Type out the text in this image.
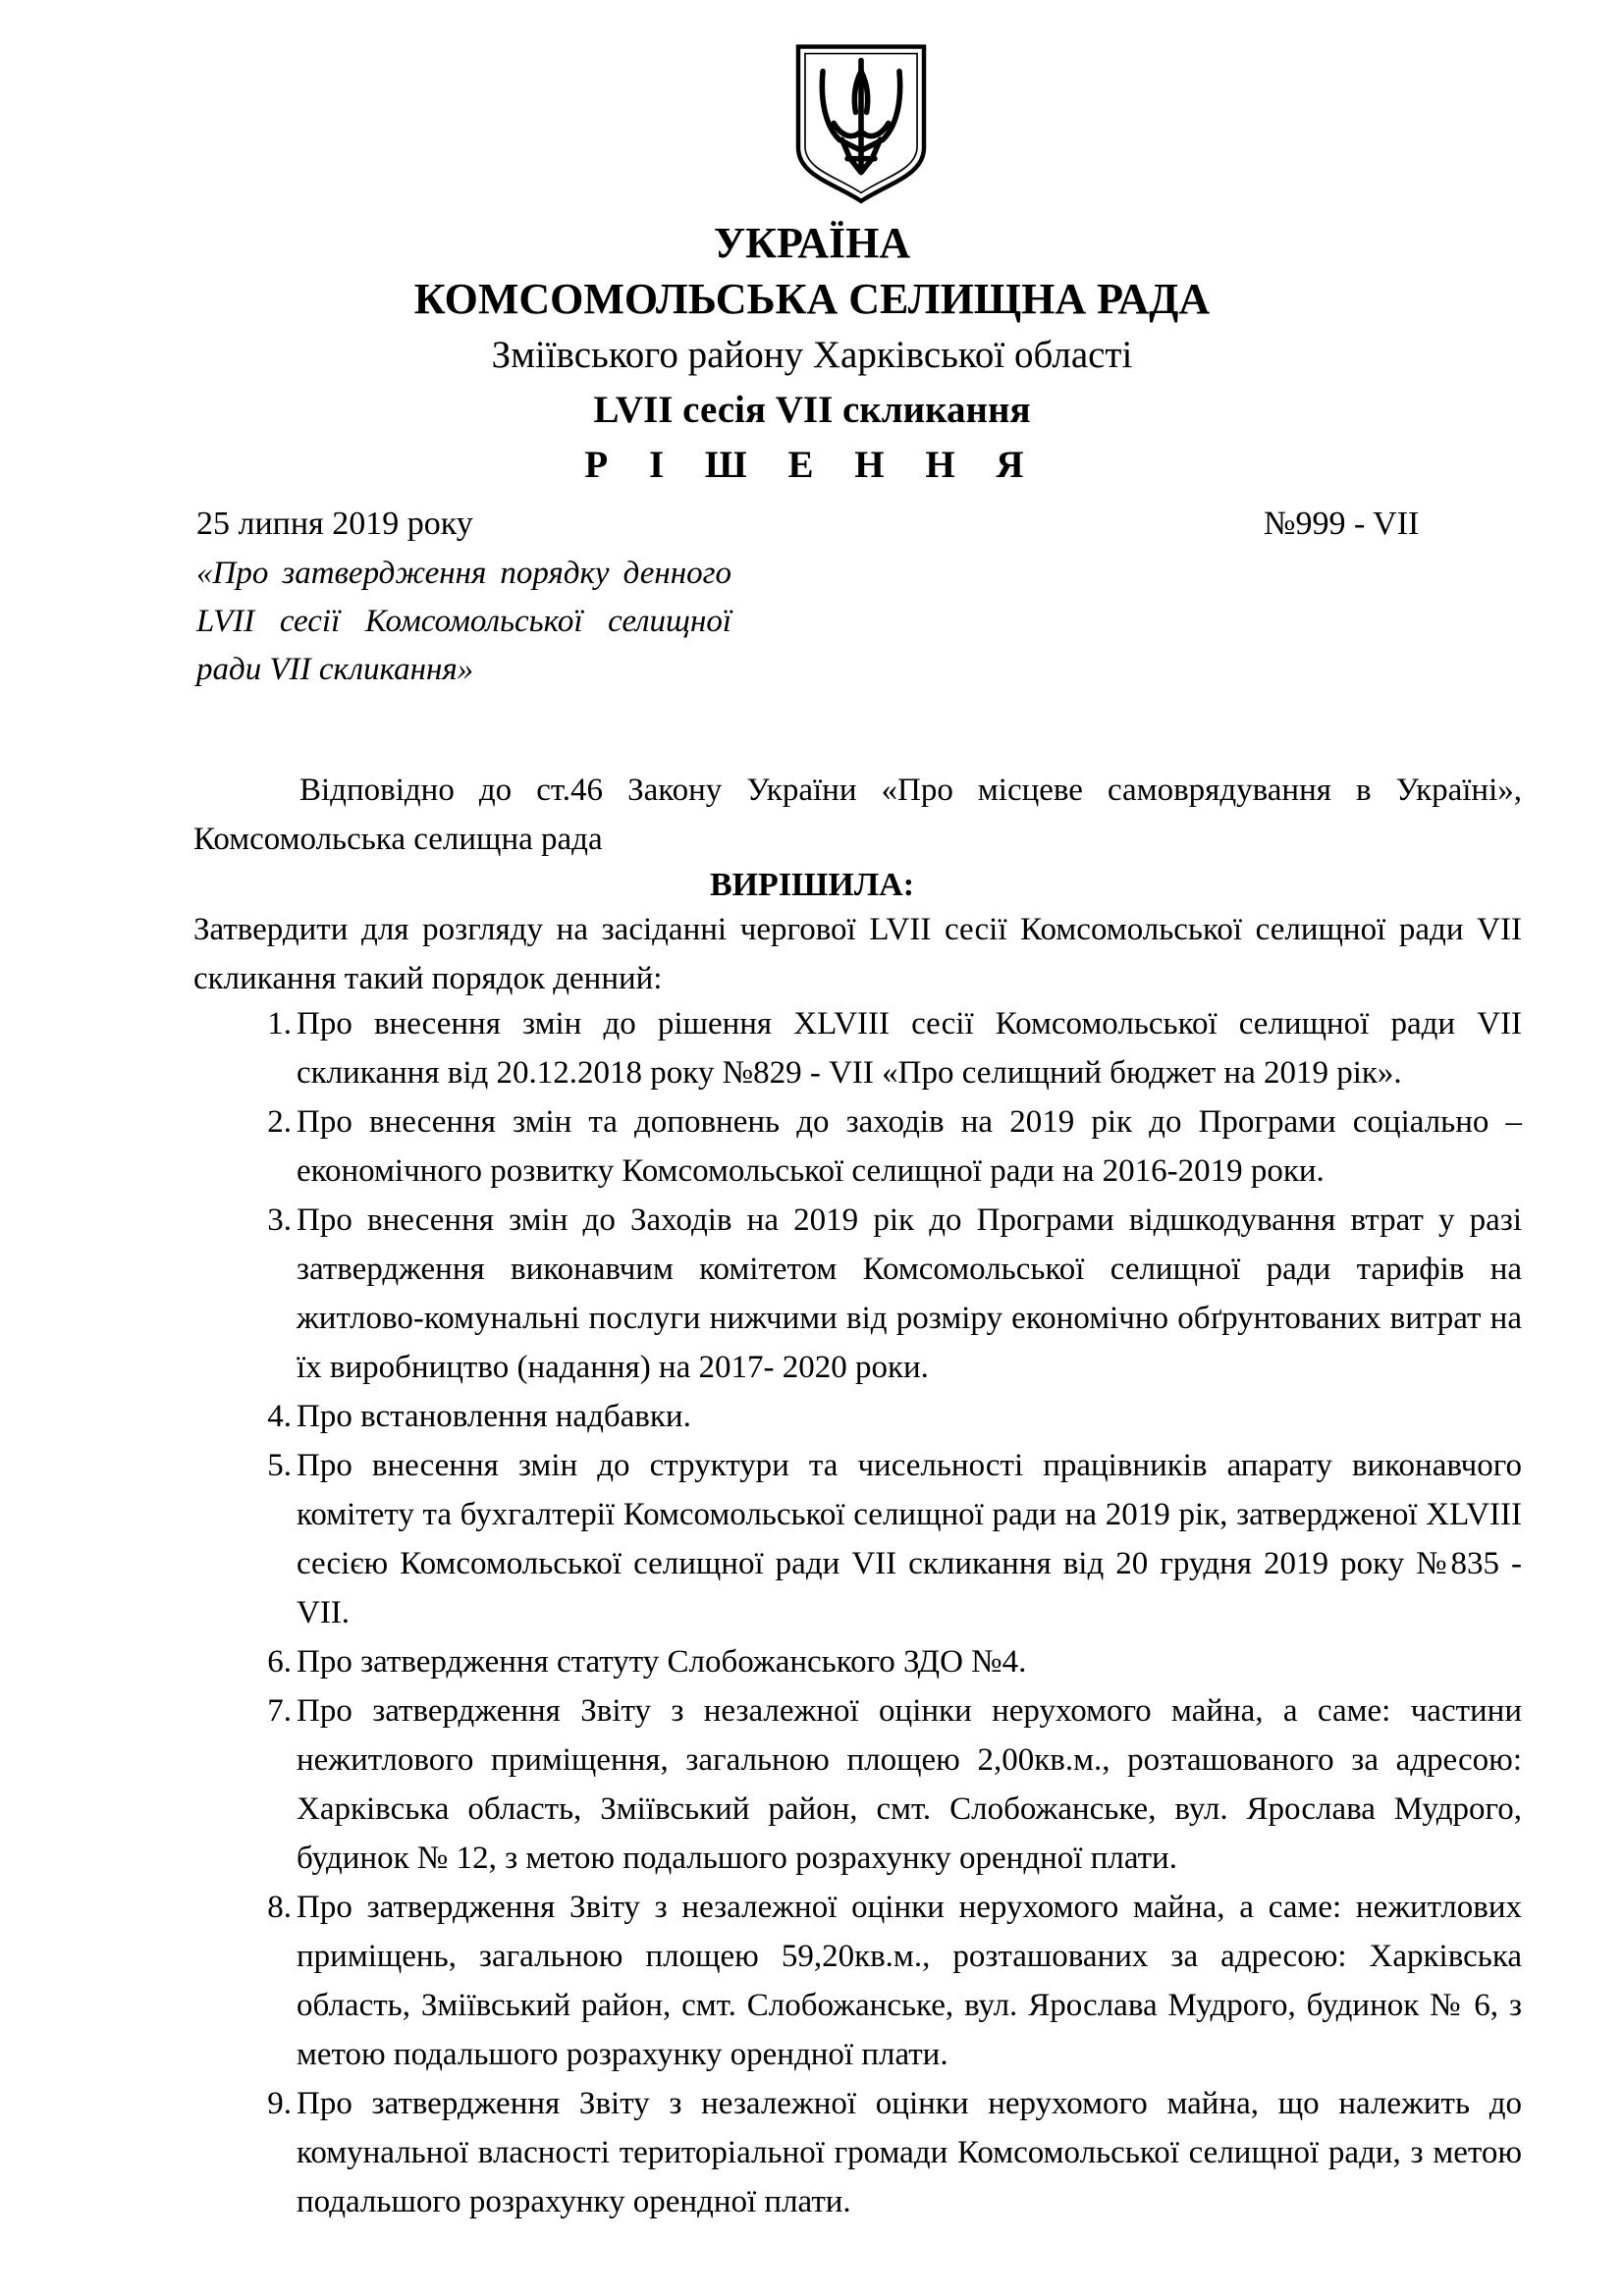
УКРАЇНА
КОМСОМОЛЬСЬКА СЕЛИЩНА РАДА
Зміївського району Харківської області
LVII сесія VII скликання
Р І Ш Е Н Н Я
25 липня 2019 року	№999 - VII
«Про затвердження порядку денного LVII сесії Комсомольської селищної ради VII скликання»
Відповідно до ст.46 Закону України «Про місцеве самоврядування в Україні», Комсомольська селищна рада
ВИРІШИЛА:
Затвердити для розгляду на засіданні чергової LVII сесії Комсомольської селищної ради VII скликання такий порядок денний:
1. Про внесення змін до рішення XLVIII сесії Комсомольської селищної ради VII скликання від 20.12.2018 року №829 - VII «Про селищний бюджет на 2019 рік».
2. Про внесення змін та доповнень до заходів на 2019 рік до Програми соціально – економічного розвитку Комсомольської селищної ради на 2016-2019 роки.
3. Про внесення змін до Заходів на 2019 рік до Програми відшкодування втрат у разі затвердження виконавчим комітетом Комсомольської селищної ради тарифів на житлово-комунальні послуги нижчими від розміру економічно обґрунтованих витрат на їх виробництво (надання) на 2017- 2020 роки.
4. Про встановлення надбавки.
5. Про внесення змін до структури та чисельності працівників апарату виконавчого комітету та бухгалтерії Комсомольської селищної ради на 2019 рік, затвердженої XLVIII сесією Комсомольської селищної ради VII скликання від 20 грудня 2019 року №835 - VII.
6. Про затвердження статуту Слобожанського ЗДО №4.
7. Про затвердження Звіту з незалежної оцінки нерухомого майна, а саме: частини нежитлового приміщення, загальною площею 2,00кв.м., розташованого за адресою: Харківська область, Зміївський район, смт. Слобожанське, вул. Ярослава Мудрого, будинок № 12, з метою подальшого розрахунку орендної плати.
8. Про затвердження Звіту з незалежної оцінки нерухомого майна, а саме: нежитлових приміщень, загальною площею 59,20кв.м., розташованих за адресою: Харківська область, Зміївський район, смт. Слобожанське, вул. Ярослава Мудрого, будинок № 6, з метою подальшого розрахунку орендної плати.
9. Про затвердження Звіту з незалежної оцінки нерухомого майна, що належить до комунальної власності територіальної громади Комсомольської селищної ради, з метою подальшого розрахунку орендної плати.
